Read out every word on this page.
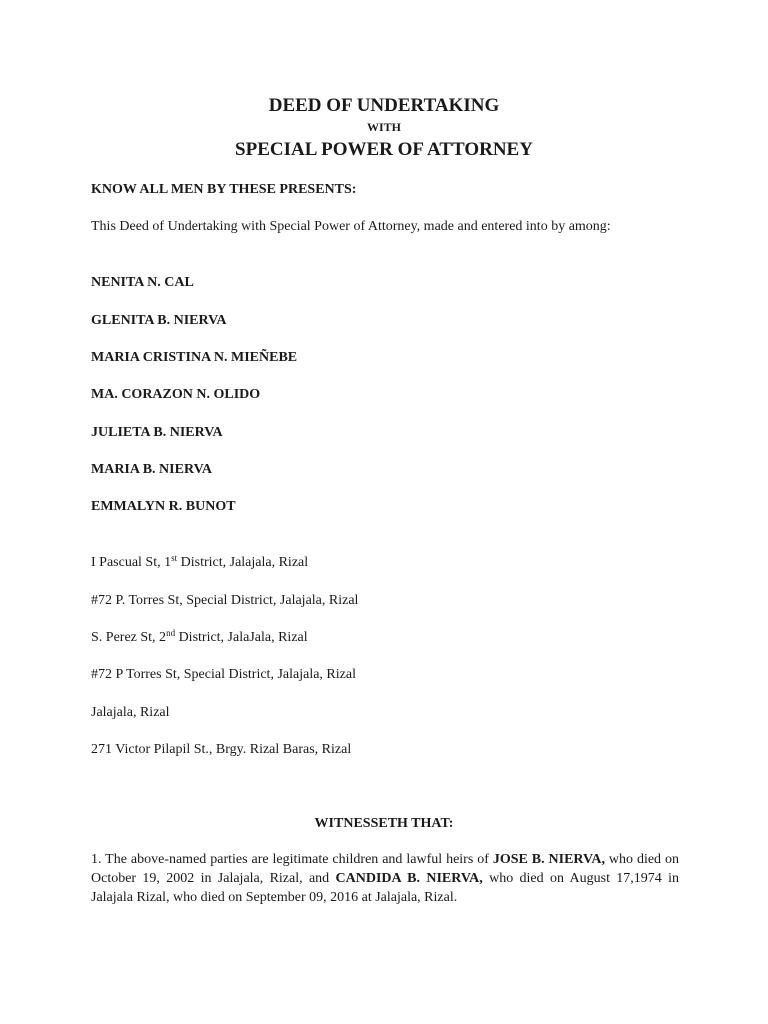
DEED OF UNDERTAKING
WITH
SPECIAL POWER OF ATTORNEY
KNOW ALL MEN BY THESE PRESENTS:
This Deed of Undertaking with Special Power of Attorney, made and entered into by among:
NENITA N. CAL
GLENITA B. NIERVA
MARIA CRISTINA N. MIEÑEBE
MA. CORAZON N. OLIDO
JULIETA B. NIERVA
MARIA B. NIERVA
EMMALYN R. BUNOT
I Pascual St, 1st District, Jalajala, Rizal
#72 P. Torres St, Special District, Jalajala, Rizal
S. Perez St, 2nd District, JalaJala, Rizal
#72 P Torres St, Special District, Jalajala, Rizal
Jalajala, Rizal
271 Victor Pilapil St., Brgy. Rizal Baras, Rizal
WITNESSETH THAT:
1. The above-named parties are legitimate children and lawful heirs of JOSE B. NIERVA, who died on October 19, 2002 in Jalajala, Rizal, and CANDIDA B. NIERVA, who died on August 17,1974 in Jalajala Rizal, who died on September 09, 2016 at Jalajala, Rizal.
